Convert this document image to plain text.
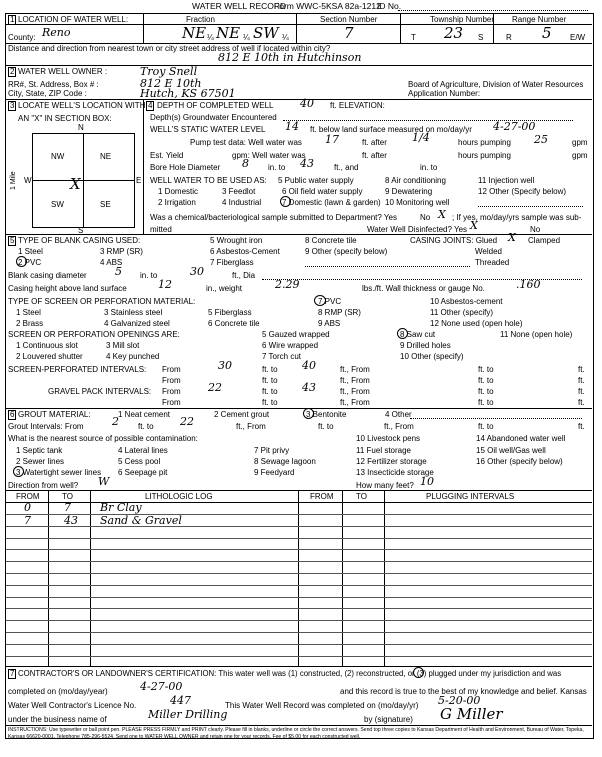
WATER WELL RECORD
Form WWC-5 KSA 82a-1212
ID No.
1 LOCATION OF WATER WELL:	Fraction	Section Number	Township Number Range Number
County: Reno	NE ¼ NE ¼ SW ¼	7	T 23 S	R 5 E/W
Distance and direction from nearest town or city street address of well if located within city?
812 E 10th in Hutchinson
2 WATER WELL OWNER :	Troy Snell
RR#, St. Address, Box # :	812 E 10th
City, State, ZIP Code :	Hutch, KS 67501
Board of Agriculture, Division of Water Resources
Application Number:
3 LOCATE WELL'S LOCATION WITH
AN "X" IN SECTION BOX:
N
S
W	E
1 Mile
NW	NE
SW	SE
X
4 DEPTH OF COMPLETED WELL 40 ft. ELEVATION:
Depth(s) Groundwater Encountered
WELL'S STATIC WATER LEVEL 14 ft. below land surface measured on mo/day/yr 4-27-00
Pump test data: Well water was 17	ft. after 1/4	hours pumping 25	gpm
Est. Yield	gpm: Well water was	ft. after	hours pumping	gpm
Bore Hole Diameter 8 in. to 43	ft., and	in. to
WELL WATER TO BE USED AS: 5 Public water supply	8 Air conditioning	11 Injection well
1 Domestic	3 Feedlot	6 Oil field water supply	9 Dewatering	12 Other (Specify below)
2 Irrigation	4 Industrial	7 Domestic (lawn & garden) 10 Monitoring well
Was a chemical/bacteriological sample submitted to Department? Yes	No X ; If yes, mo/day/yrs sample was sub-
mitted	Water Well Disinfected? Yes X	No
5 TYPE OF BLANK CASING USED:	5 Wrought iron	8 Concrete tile	CASING JOINTS: Glued X Clamped
1 Steel	3 RMP (SR)	6 Asbestos-Cement	9 Other (specify below)	Welded
2 PVC	4 ABS	7 Fiberglass	Threaded
Blank casing diameter	5 in. to	30	ft., Dia
Casing height above land surface	12	in., weight	2.29	lbs./ft. Wall thickness or gauge No.	.160
TYPE OF SCREEN OR PERFORATION MATERIAL:	7 PVC	10 Asbestos-cement
1 Steel	3 Stainless steel	5 Fiberglass	8 RMP (SR)	11 Other (specify)
2 Brass	4 Galvanized steel	6 Concrete tile	9 ABS	12 None used (open hole)
SCREEN OR PERFORATION OPENINGS ARE:	5 Gauzed wrapped	8 Saw cut	11 None (open hole)
1 Continuous slot	3 Mill slot	6 Wire wrapped	9 Drilled holes
2 Louvered shutter	4 Key punched	7 Torch cut	10 Other (specify)
SCREEN-PERFORATED INTERVALS: From	30	ft. to 40	ft., From	ft. to	ft.
From	ft. to	ft., From	ft. to	ft.
GRAVEL PACK INTERVALS: From 22	ft. to 43	ft., From	ft. to	ft.
From	ft. to	ft., From	ft. to	ft.
6 GROUT MATERIAL:	1 Neat cement	2 Cement grout	3 Bentonite	4 Other
Grout Intervals: From	2 ft. to 22	ft., From	ft. to	ft., From	ft. to	ft.
What is the nearest source of possible contamination:	10 Livestock pens	14 Abandoned water well
1 Septic tank	4 Lateral lines	7 Pit privy	11 Fuel storage	15 Oil well/Gas well
2 Sewer lines	5 Cess pool	8 Sewage lagoon	12 Fertilizer storage	16 Other (specify below)
3 Watertight sewer lines 6 Seepage pit	9 Feedyard	13 Insecticide storage
Direction from well? W	How many feet? 10
FROM	TO	LITHOLOGIC LOG	FROM	TO	PLUGGING INTERVALS
0	7	Br Clay
7	43 Sand & Gravel
7 CONTRACTOR'S OR LANDOWNER'S CERTIFICATION: This water well was (1) constructed, (2) reconstructed, or (3) plugged under my jurisdiction and was
completed on (mo/day/year)	4-27-00	and this record is true to the best of my knowledge and belief. Kansas
Water Well Contractor's Licence No.	447	This Water Well Record was completed on (mo/day/yr) 5-20-00
under the business name of	Miller Drilling	by (signature) G Miller
INSTRUCTIONS: Use typewriter or ball point pen. PLEASE PRESS FIRMLY and PRINT clearly. Please fill in blanks, underline or circle the correct answers. Send top three copies to Kansas Department of Health and Environment, Bureau of Water, Topeka, Kansas 66620-0001. Telephone 785-296-5524. Send one to WATER WELL OWNER and retain one for your records. Fee of $5.00 for each constructed well.
